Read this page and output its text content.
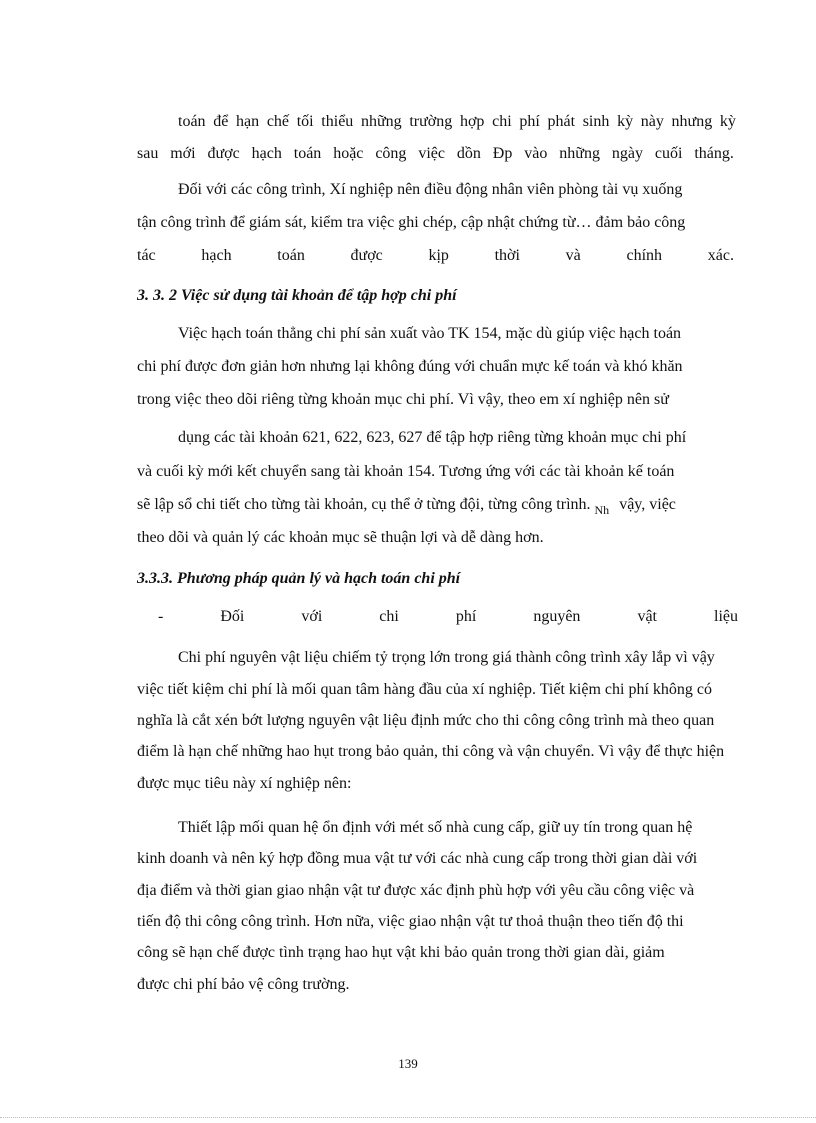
toán để hạn chế tối thiểu những trường hợp chi phí phát sinh kỳ này nhưng kỳ
sau mới được hạch toán hoặc công việc dồn Đp vào những ngày cuối tháng.
Đối với các công trình, Xí nghiệp nên điều động nhân viên phòng tài vụ xuống
tận công trình để giám sát, kiểm tra việc ghi chép, cập nhật chứng từ… đảm bảo công
tác	hạch	toán	được	kịp	thời	và	chính	xác.
3. 3. 2 Việc sử dụng tài khoản để tập hợp chi phí
Việc hạch toán thẳng chi phí sản xuất vào TK 154, mặc dù giúp việc hạch toán
chi phí được đơn giản hơn nhưng lại không đúng với chuẩn mực kế toán và khó khăn
trong việc theo dõi riêng từng khoản mục chi phí. Vì vậy, theo em xí nghiệp nên sử
dụng các tài khoản 621, 622, 623, 627 để tập hợp riêng từng khoản mục chi phí
và cuối kỳ mới kết chuyển sang tài khoản 154. Tương ứng với các tài khoản kế toán
sẽ lập sổ chi tiết cho từng tài khoản, cụ thể ở từng đội, từng công trình. $_{Nh}$ vậy, việc
theo dõi và quản lý các khoản mục sẽ thuận lợi và dễ dàng hơn.
3.3.3. Phương pháp quản lý và hạch toán chi phí
-	Đối	với	chi	phí	nguyên	vật	liệu
Chi phí nguyên vật liệu chiếm tỷ trọng lớn trong giá thành công trình xây lắp vì vậy
việc tiết kiệm chi phí là mối quan tâm hàng đầu của xí nghiệp. Tiết kiệm chi phí không có
nghĩa là cắt xén bớt lượng nguyên vật liệu định mức cho thi công công trình mà theo quan
điểm là hạn chế những hao hụt trong bảo quản, thi công và vận chuyển. Vì vậy để thực hiện
được mục tiêu này xí nghiệp nên:
Thiết lập mối quan hệ ổn định với mét số nhà cung cấp, giữ uy tín trong quan hệ
kinh doanh và nên ký hợp đồng mua vật tư với các nhà cung cấp trong thời gian dài với
địa điểm và thời gian giao nhận vật tư được xác định phù hợp với yêu cầu công việc và
tiến độ thi công công trình. Hơn nữa, việc giao nhận vật tư thoả thuận theo tiến độ thi
công sẽ hạn chế được tình trạng hao hụt vật khi bảo quản trong thời gian dài, giảm
được chi phí bảo vệ công trường.
139
